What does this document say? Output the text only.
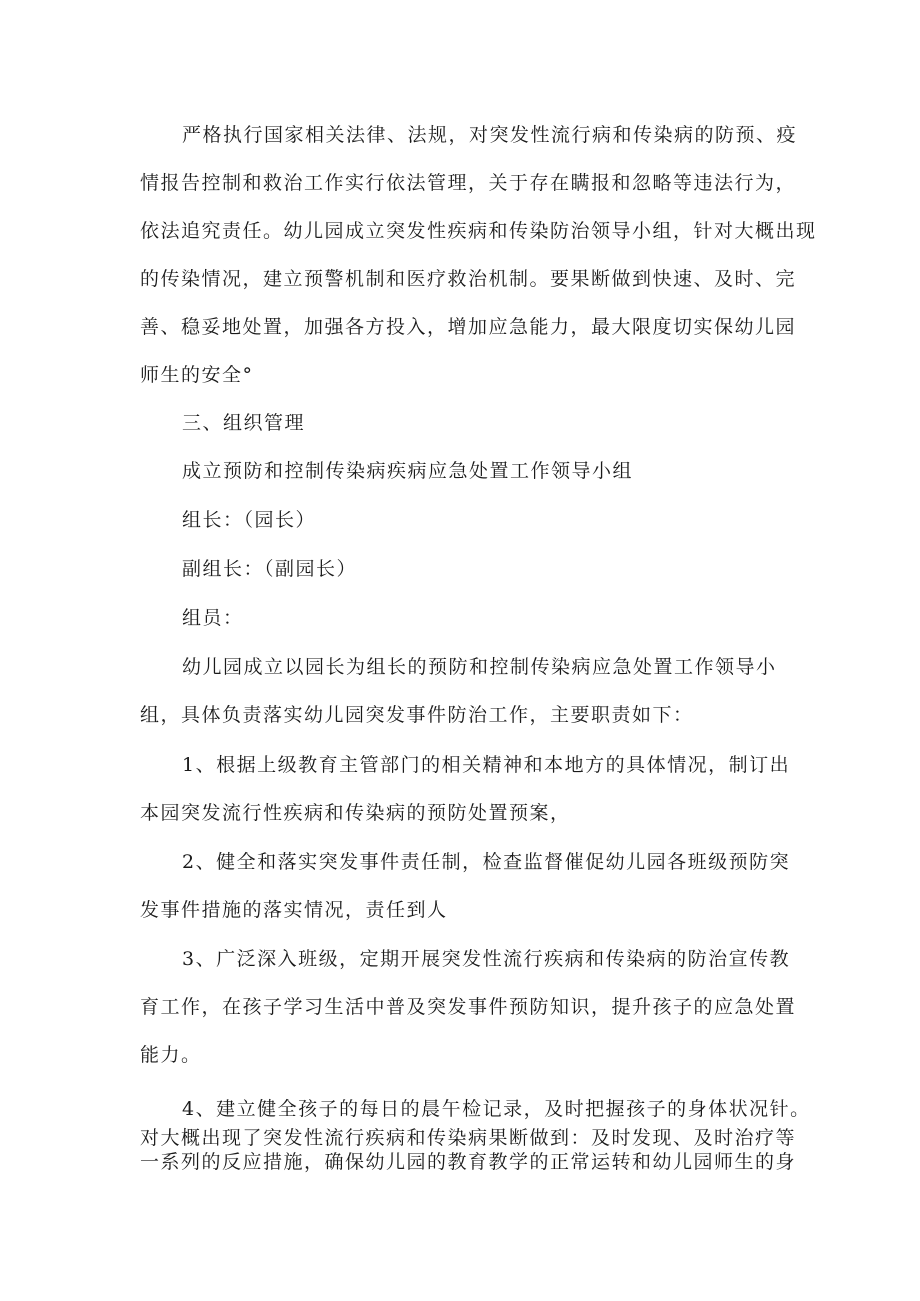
严格执行国家相关法律、法规，对突发性流行病和传染病的防预、疫
情报告控制和救治工作实行依法管理，关于存在瞒报和忽略等违法行为，
依法追究责任。幼儿园成立突发性疾病和传染防治领导小组，针对大概出现
的传染情况，建立预警机制和医疗救治机制。要果断做到快速、及时、完
善、稳妥地处置，加强各方投入，增加应急能力，最大限度切实保幼儿园
师生的安全°
三、组织管理
成立预防和控制传染病疾病应急处置工作领导小组
组长：（园长）
副组长：（副园长）
组员：
幼儿园成立以园长为组长的预防和控制传染病应急处置工作领导小
组，具体负责落实幼儿园突发事件防治工作，主要职责如下：
1、根据上级教育主管部门的相关精神和本地方的具体情况，制订出
本园突发流行性疾病和传染病的预防处置预案，
2、健全和落实突发事件责任制，检查监督催促幼儿园各班级预防突
发事件措施的落实情况，责任到人
3、广泛深入班级，定期开展突发性流行疾病和传染病的防治宣传教
育工作，在孩子学习生活中普及突发事件预防知识，提升孩子的应急处置
能力。
4、建立健全孩子的每日的晨午检记录，及时把握孩子的身体状况针。
对大概出现了突发性流行疾病和传染病果断做到：及时发现、及时治疗等
一系列的反应措施，确保幼儿园的教育教学的正常运转和幼儿园师生的身
